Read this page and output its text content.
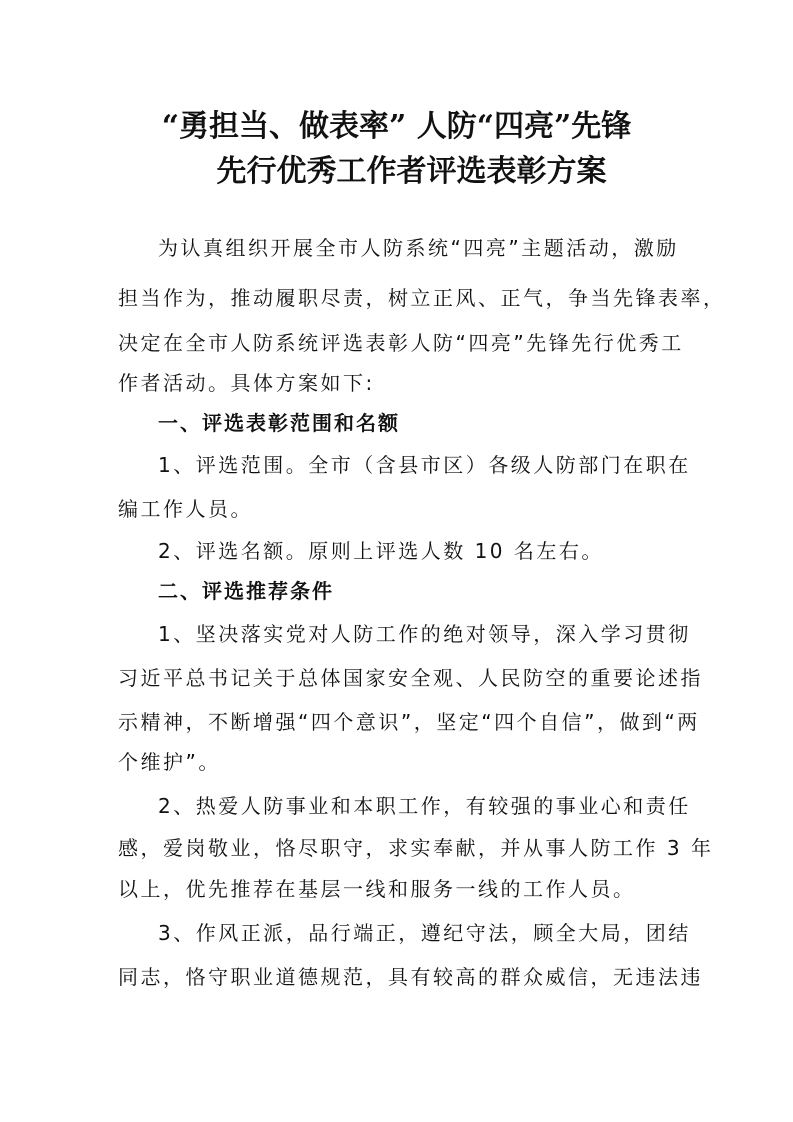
“勇担当、做表率” 人防“四亮”先锋
先行优秀工作者评选表彰方案
为认真组织开展全市人防系统“四亮”主题活动，激励
担当作为，推动履职尽责，树立正风、正气，争当先锋表率，
决定在全市人防系统评选表彰人防“四亮”先锋先行优秀工
作者活动。具体方案如下:
一、评选表彰范围和名额
1、评选范围。全市（含县市区）各级人防部门在职在
编工作人员。
2、评选名额。原则上评选人数 10 名左右。
二、评选推荐条件
1、坚决落实党对人防工作的绝对领导，深入学习贯彻
习近平总书记关于总体国家安全观、人民防空的重要论述指
示精神，不断增强“四个意识”，坚定“四个自信”，做到“两
个维护”。
2、热爱人防事业和本职工作，有较强的事业心和责任
感，爱岗敬业，恪尽职守，求实奉献，并从事人防工作 3 年
以上，优先推荐在基层一线和服务一线的工作人员。
3、作风正派，品行端正，遵纪守法，顾全大局，团结
同志，恪守职业道德规范，具有较高的群众威信，无违法违
